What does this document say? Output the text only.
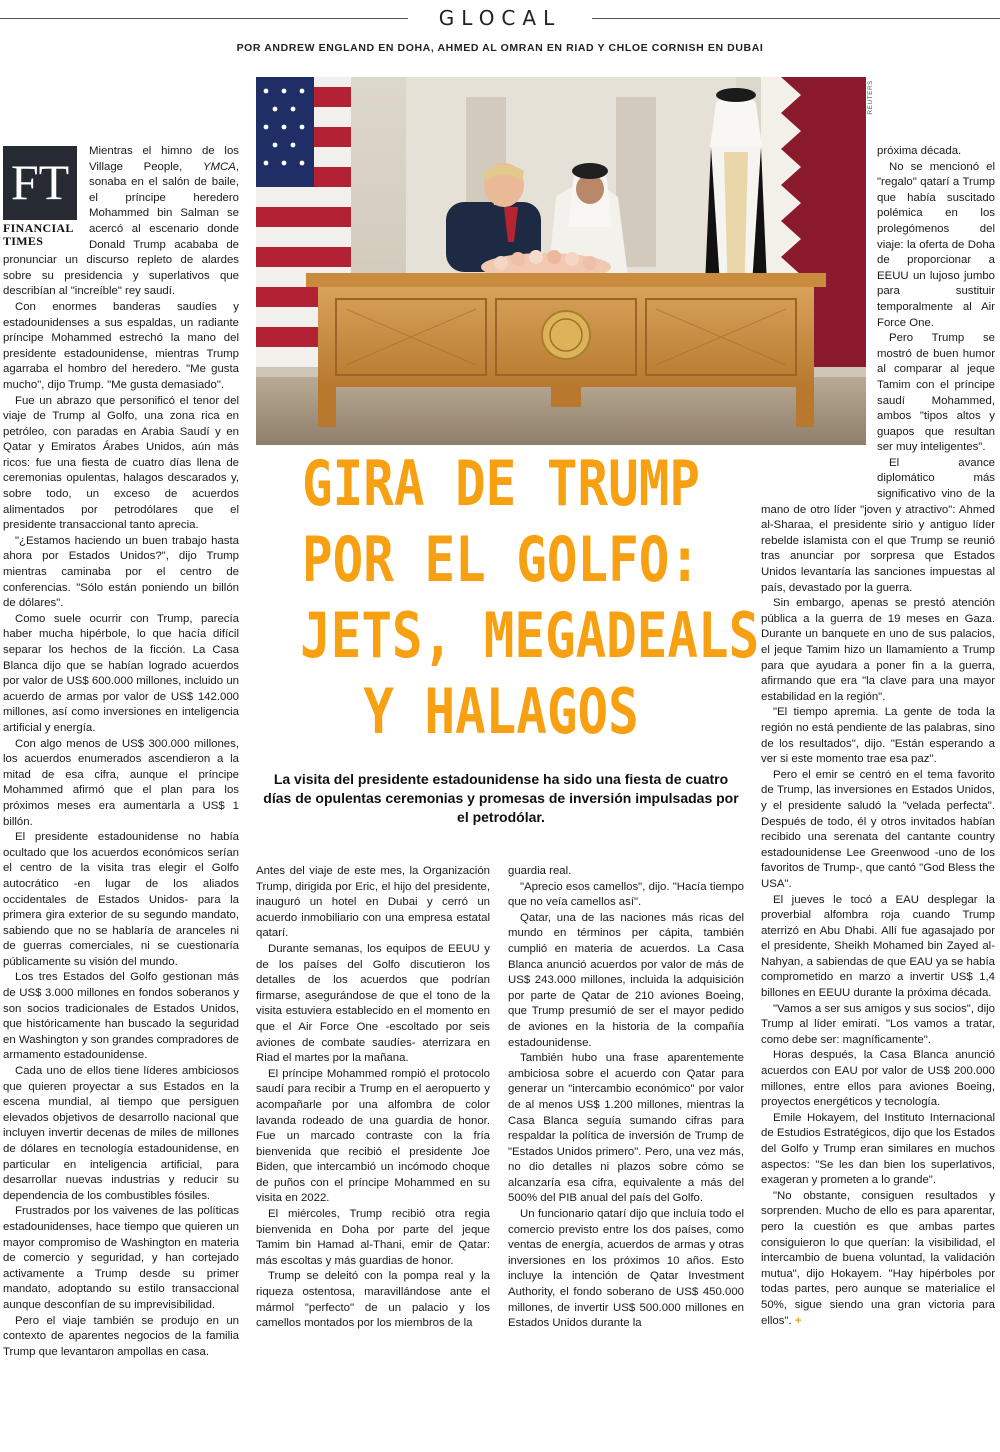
GLOCAL
POR ANDREW ENGLAND EN DOHA, AHMED AL OMRAN EN RIAD Y CHLOE CORNISH EN DUBAI
FT
FINANCIAL
TIMES
REUTERS
GIRA DE TRUMP
POR EL GOLFO:
JETS, MEGADEALS
Y HALAGOS
La visita del presidente estadounidense ha sido una fiesta de cuatro días de opulentas ceremonias y promesas de inversión impulsadas por el petrodólar.

Mientras el himno de los Village People, YMCA, sonaba en el salón de baile, el príncipe heredero Mohammed bin Salman se acercó al escenario donde Donald Trump acababa de pronunciar un discurso repleto de alardes sobre su presidencia y superlativos que describían al "increíble" rey saudí.

Con enormes banderas saudíes y estadounidenses a sus espaldas, un radiante príncipe Mohammed estrechó la mano del presidente estadounidense, mientras Trump agarraba el hombro del heredero. "Me gusta mucho", dijo Trump. "Me gusta demasiado".

Fue un abrazo que personificó el tenor del viaje de Trump al Golfo, una zona rica en petróleo, con paradas en Arabia Saudí y en Qatar y Emiratos Árabes Unidos, aún más ricos: fue una fiesta de cuatro días llena de ceremonias opulentas, halagos descarados y, sobre todo, un exceso de acuerdos alimentados por petrodólares que el presidente transaccional tanto aprecia.

"¿Estamos haciendo un buen trabajo hasta ahora por Estados Unidos?", dijo Trump mientras caminaba por el centro de conferencias. "Sólo están poniendo un billón de dólares".

Como suele ocurrir con Trump, parecía haber mucha hipérbole, lo que hacía difícil separar los hechos de la ficción. La Casa Blanca dijo que se habían logrado acuerdos por valor de US$ 600.000 millones, incluido un acuerdo de armas por valor de US$ 142.000 millones, así como inversiones en inteligencia artificial y energía.

Con algo menos de US$ 300.000 millones, los acuerdos enumerados ascendieron a la mitad de esa cifra, aunque el príncipe Mohammed afirmó que el plan para los próximos meses era aumentarla a US$ 1 billón.

El presidente estadounidense no había ocultado que los acuerdos económicos serían el centro de la visita tras elegir el Golfo autocrático -en lugar de los aliados occidentales de Estados Unidos- para la primera gira exterior de su segundo mandato, sabiendo que no se hablaría de aranceles ni de guerras comerciales, ni se cuestionaría públicamente su visión del mundo.

Los tres Estados del Golfo gestionan más de US$ 3.000 millones en fondos soberanos y son socios tradicionales de Estados Unidos, que históricamente han buscado la seguridad en Washington y son grandes compradores de armamento estadounidense.

Cada uno de ellos tiene líderes ambiciosos que quieren proyectar a sus Estados en la escena mundial, al tiempo que persiguen elevados objetivos de desarrollo nacional que incluyen invertir decenas de miles de millones de dólares en tecnología estadounidense, en particular en inteligencia artificial, para desarrollar nuevas industrias y reducir su dependencia de los combustibles fósiles.

Frustrados por los vaivenes de las políticas estadounidenses, hace tiempo que quieren un mayor compromiso de Washington en materia de comercio y seguridad, y han cortejado activamente a Trump desde su primer mandato, adoptando su estilo transaccional aunque desconfían de su imprevisibilidad.

Pero el viaje también se produjo en un contexto de aparentes negocios de la familia Trump que levantaron ampollas en casa.

Antes del viaje de este mes, la Organización Trump, dirigida por Eric, el hijo del presidente, inauguró un hotel en Dubai y cerró un acuerdo inmobiliario con una empresa estatal qatarí.

Durante semanas, los equipos de EEUU y de los países del Golfo discutieron los detalles de los acuerdos que podrían firmarse, asegurándose de que el tono de la visita estuviera establecido en el momento en que el Air Force One -escoltado por seis aviones de combate saudíes- aterrizara en Riad el martes por la mañana.

El príncipe Mohammed rompió el protocolo saudí para recibir a Trump en el aeropuerto y acompañarle por una alfombra de color lavanda rodeado de una guardia de honor. Fue un marcado contraste con la fría bienvenida que recibió el presidente Joe Biden, que intercambió un incómodo choque de puños con el príncipe Mohammed en su visita en 2022.

El miércoles, Trump recibió otra regia bienvenida en Doha por parte del jeque Tamim bin Hamad al-Thani, emir de Qatar: más escoltas y más guardias de honor.

Trump se deleitó con la pompa real y la riqueza ostentosa, maravillándose ante el mármol "perfecto" de un palacio y los camellos montados por los miembros de la

guardia real.

"Aprecio esos camellos", dijo. "Hacía tiempo que no veía camellos así".

Qatar, una de las naciones más ricas del mundo en términos per cápita, también cumplió en materia de acuerdos. La Casa Blanca anunció acuerdos por valor de más de US$ 243.000 millones, incluida la adquisición por parte de Qatar de 210 aviones Boeing, que Trump presumió de ser el mayor pedido de aviones en la historia de la compañía estadounidense.

También hubo una frase aparentemente ambiciosa sobre el acuerdo con Qatar para generar un "intercambio económico" por valor de al menos US$ 1.200 millones, mientras la Casa Blanca seguía sumando cifras para respaldar la política de inversión de Trump de "Estados Unidos primero". Pero, una vez más, no dio detalles ni plazos sobre cómo se alcanzaría esa cifra, equivalente a más del 500% del PIB anual del país del Golfo.

Un funcionario qatarí dijo que incluía todo el comercio previsto entre los dos países, como ventas de energía, acuerdos de armas y otras inversiones en los próximos 10 años. Esto incluye la intención de Qatar Investment Authority, el fondo soberano de US$ 450.000 millones, de invertir US$ 500.000 millones en Estados Unidos durante la

próxima década.

No se mencionó el "regalo" qatarí a Trump que había suscitado polémica en los prolegómenos del viaje: la oferta de Doha de proporcionar a EEUU un lujoso jumbo para sustituir temporalmente al Air Force One.

Pero Trump se mostró de buen humor al comparar al jeque Tamim con el príncipe saudí Mohammed, ambos "tipos altos y guapos que resultan ser muy inteligentes".

El avance diplomático más significativo vino de la mano de otro líder "joven y atractivo": Ahmed al-Sharaa, el presidente sirio y antiguo líder rebelde islamista con el que Trump se reunió tras anunciar por sorpresa que Estados Unidos levantaría las sanciones impuestas al país, devastado por la guerra.

Sin embargo, apenas se prestó atención pública a la guerra de 19 meses en Gaza. Durante un banquete en uno de sus palacios, el jeque Tamim hizo un llamamiento a Trump para que ayudara a poner fin a la guerra, afirmando que era "la clave para una mayor estabilidad en la región".

"El tiempo apremia. La gente de toda la región no está pendiente de las palabras, sino de los resultados", dijo. "Están esperando a ver si este momento trae esa paz".

Pero el emir se centró en el tema favorito de Trump, las inversiones en Estados Unidos, y el presidente saludó la "velada perfecta". Después de todo, él y otros invitados habían recibido una serenata del cantante country estadounidense Lee Greenwood -uno de los favoritos de Trump-, que cantó "God Bless the USA".

El jueves le tocó a EAU desplegar la proverbial alfombra roja cuando Trump aterrizó en Abu Dhabi. Allí fue agasajado por el presidente, Sheikh Mohamed bin Zayed al-Nahyan, a sabiendas de que EAU ya se había comprometido en marzo a invertir US$ 1,4 billones en EEUU durante la próxima década.

"Vamos a ser sus amigos y sus socios", dijo Trump al líder emiratí. "Los vamos a tratar, como debe ser: magníficamente".

Horas después, la Casa Blanca anunció acuerdos con EAU por valor de US$ 200.000 millones, entre ellos para aviones Boeing, proyectos energéticos y tecnología.

Emile Hokayem, del Instituto Internacional de Estudios Estratégicos, dijo que los Estados del Golfo y Trump eran similares en muchos aspectos: "Se les dan bien los superlativos, exageran y prometen a lo grande".

"No obstante, consiguen resultados y sorprenden. Mucho de ello es para aparentar, pero la cuestión es que ambas partes consiguieron lo que querían: la visibilidad, el intercambio de buena voluntad, la validación mutua", dijo Hokayem. "Hay hipérboles por todas partes, pero aunque se materialice el 50%, sigue siendo una gran victoria para ellos". +
